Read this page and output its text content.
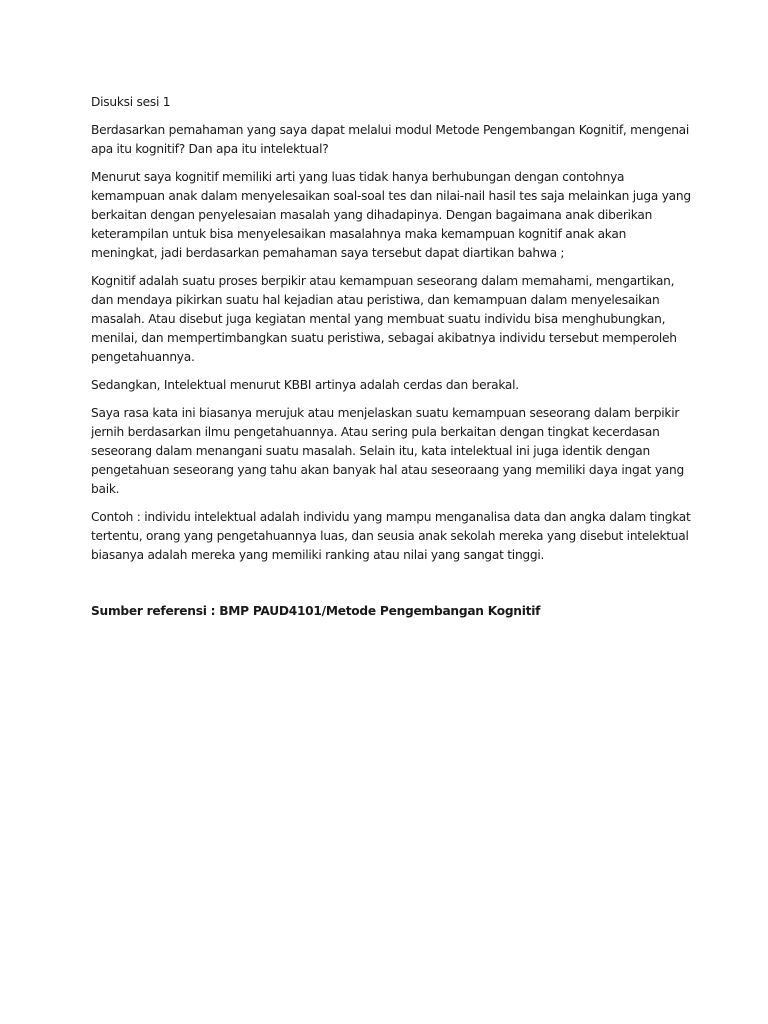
Disuksi sesi 1

Berdasarkan pemahaman yang saya dapat melalui modul Metode Pengembangan Kognitif, mengenai apa itu kognitif? Dan apa itu intelektual?

Menurut saya kognitif memiliki arti yang luas tidak hanya berhubungan dengan contohnya kemampuan anak dalam menyelesaikan soal-soal tes dan nilai-nail hasil tes saja melainkan juga yang berkaitan dengan penyelesaian masalah yang dihadapinya. Dengan bagaimana anak diberikan keterampilan untuk bisa menyelesaikan masalahnya maka kemampuan kognitif anak akan meningkat, jadi berdasarkan pemahaman saya tersebut dapat diartikan bahwa ;

Kognitif adalah suatu proses berpikir atau kemampuan seseorang dalam memahami, mengartikan, dan mendaya pikirkan suatu hal kejadian atau peristiwa, dan kemampuan dalam menyelesaikan masalah. Atau disebut juga kegiatan mental yang membuat suatu individu bisa menghubungkan, menilai, dan mempertimbangkan suatu peristiwa, sebagai akibatnya individu tersebut memperoleh pengetahuannya.

Sedangkan, Intelektual menurut KBBI artinya adalah cerdas dan berakal.

Saya rasa kata ini biasanya merujuk atau menjelaskan suatu kemampuan seseorang dalam berpikir jernih berdasarkan ilmu pengetahuannya. Atau sering pula berkaitan dengan tingkat kecerdasan seseorang dalam menangani suatu masalah. Selain itu, kata intelektual ini juga identik dengan pengetahuan seseorang yang tahu akan banyak hal atau seseoraang yang memiliki daya ingat yang baik.

Contoh : individu intelektual adalah individu yang mampu menganalisa data dan angka dalam tingkat tertentu, orang yang pengetahuannya luas, dan seusia anak sekolah mereka yang disebut intelektual biasanya adalah mereka yang memiliki ranking atau nilai yang sangat tinggi.

Sumber referensi : BMP PAUD4101/Metode Pengembangan Kognitif
